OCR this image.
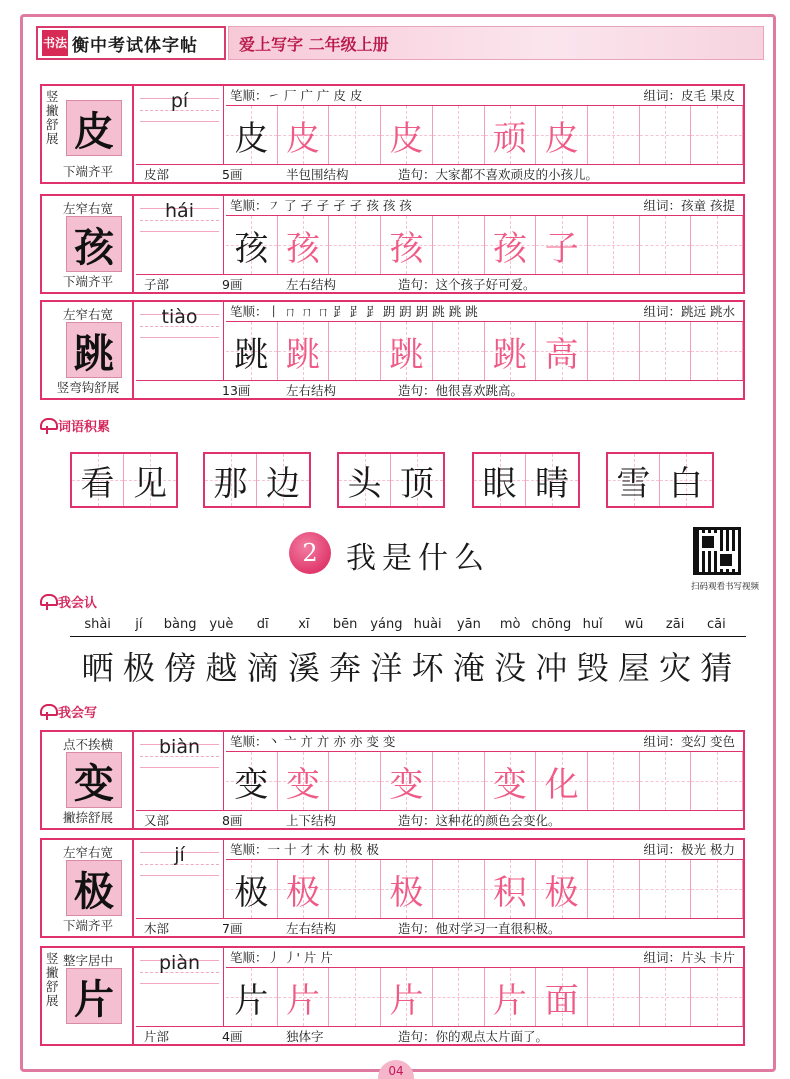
书法 衡中考试体字帖	爱上写字 二年级上册
竖撇舒展 皮
下端齐平
pí	笔顺：㇀ 厂 广 广 皮 皮	组词：皮毛 果皮
皮 皮 皮 顽 皮
皮部	5画	半包围结构	造句：大家都不喜欢顽皮的小孩儿。
左窄右宽
孩
下端齐平
hái	笔顺：㇇ 了 孑 孑 孑 孑 孩 孩 孩	组词：孩童 孩提
孩 孩 孩 孩 子
子部	9画	左右结构	造句：这个孩子好可爱。
左窄右宽
跳
竖弯钩舒展
tiào	笔顺：丨 ㄇ ㄇ ㄇ 𧾷 𧾷 𧾷 跀 跀 跀 跳 跳 跳	组词：跳远 跳水
跳 跳 跳 跳 高
13画	左右结构	造句：他很喜欢跳高。
词语积累
看 见 那 边 头 顶 眼 睛 雪 白
2 我是什么
扫码观看书写视频
我会认
shài	jí	bàng yuè	dī	xī	bēn yáng huài	yān	mò chōng huǐ	wū	zāi	cāi
晒 极 傍 越 滴 溪 奔 洋 坏 淹 没 冲 毁 屋 灾 猜
我会写
点不挨横
变
撇捺舒展
biàn	笔顺：丶 亠 亣 亣 亦 亦 变 变	组词：变幻 变色
变 变 变 变 化
又部	8画	上下结构	造句：这种花的颜色会变化。
左窄右宽
极
下端齐平
jí	笔顺：一 十 才 木 朸 极 极	组词：极光 极力
极 极 极 积 极
木部	7画	左右结构	造句：他对学习一直很积极。
整字居中
竖撇舒展 片
piàn	笔顺：丿 丿' 片 片	组词：片头 卡片
片 片 片 片 面
片部	4画	独体字	造句：你的观点太片面了。
04
